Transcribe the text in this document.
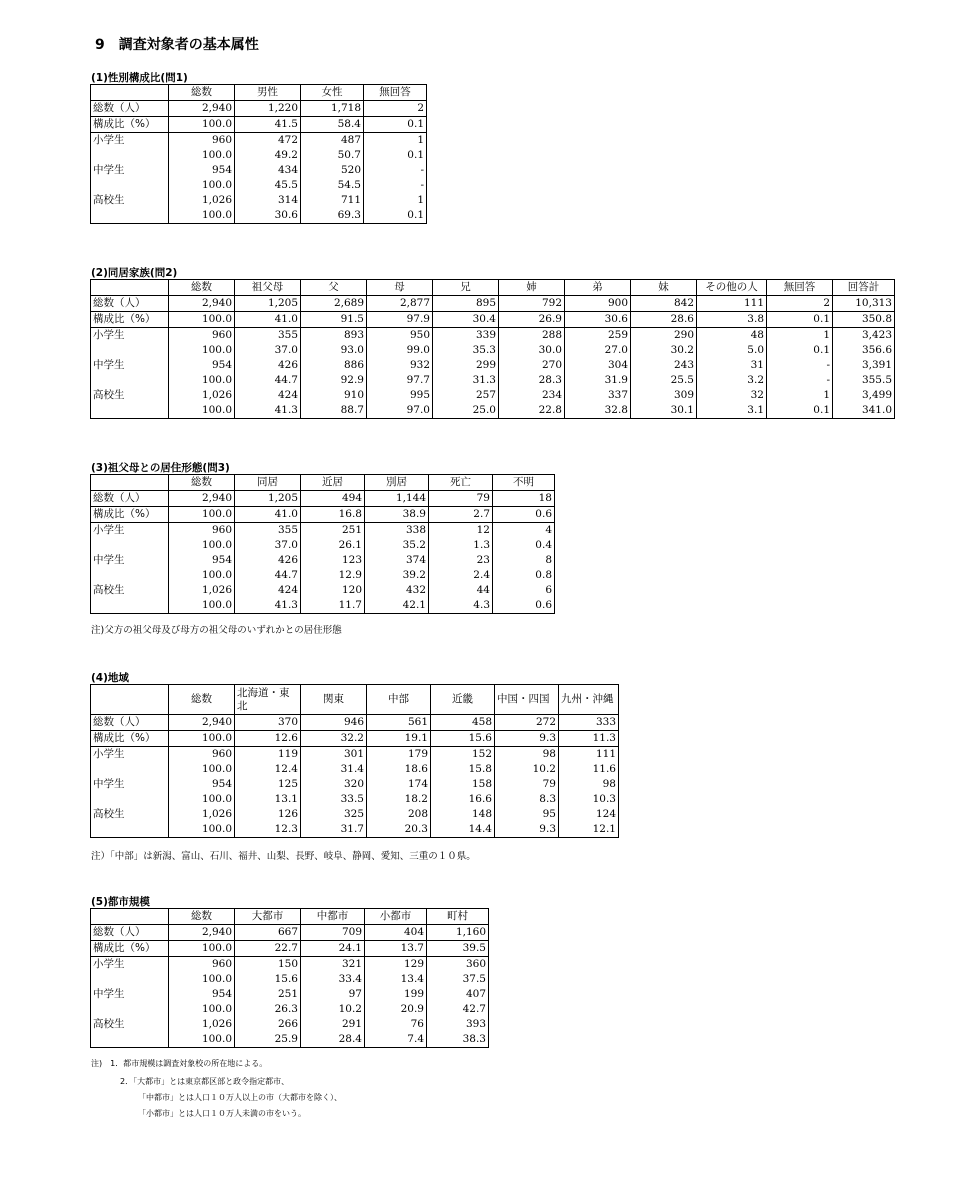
9　調査対象者の基本属性
(1)性別構成比(問1)
	総数	男性	女性	無回答
総数（人）	2,940	1,220	1,718	2
構成比（%）	100.0	41.5	58.4	0.1
小学生	960	472	487	1
	100.0	49.2	50.7	0.1
中学生	954	434	520	-
	100.0	45.5	54.5	-
高校生	1,026	314	711	1
	100.0	30.6	69.3	0.1
(2)同居家族(問2)
	総数	祖父母	父	母	兄	姉	弟	妹	その他の人	無回答	回答計
総数（人）	2,940	1,205	2,689	2,877	895	792	900	842	111	2	10,313
構成比（%）	100.0	41.0	91.5	97.9	30.4	26.9	30.6	28.6	3.8	0.1	350.8
小学生	960	355	893	950	339	288	259	290	48	1	3,423
	100.0	37.0	93.0	99.0	35.3	30.0	27.0	30.2	5.0	0.1	356.6
中学生	954	426	886	932	299	270	304	243	31	-	3,391
	100.0	44.7	92.9	97.7	31.3	28.3	31.9	25.5	3.2	-	355.5
高校生	1,026	424	910	995	257	234	337	309	32	1	3,499
	100.0	41.3	88.7	97.0	25.0	22.8	32.8	30.1	3.1	0.1	341.0
(3)祖父母との居住形態(問3)
	総数	同居	近居	別居	死亡	不明
総数（人）	2,940	1,205	494	1,144	79	18
構成比（%）	100.0	41.0	16.8	38.9	2.7	0.6
小学生	960	355	251	338	12	4
	100.0	37.0	26.1	35.2	1.3	0.4
中学生	954	426	123	374	23	8
	100.0	44.7	12.9	39.2	2.4	0.8
高校生	1,026	424	120	432	44	6
	100.0	41.3	11.7	42.1	4.3	0.6
注)父方の祖父母及び母方の祖父母のいずれかとの居住形態
(4)地域
	総数	北海道・東北	関東	中部	近畿	中国・四国	九州・沖縄
総数（人）	2,940	370	946	561	458	272	333
構成比（%）	100.0	12.6	32.2	19.1	15.6	9.3	11.3
小学生	960	119	301	179	152	98	111
	100.0	12.4	31.4	18.6	15.8	10.2	11.6
中学生	954	125	320	174	158	79	98
	100.0	13.1	33.5	18.2	16.6	8.3	10.3
高校生	1,026	126	325	208	148	95	124
	100.0	12.3	31.7	20.3	14.4	9.3	12.1
注）「中部」は新潟、富山、石川、福井、山梨、長野、岐阜、静岡、愛知、三重の１０県。
(5)都市規模
	総数	大都市	中都市	小都市	町村
総数（人）	2,940	667	709	404	1,160
構成比（%）	100.0	22.7	24.1	13.7	39.5
小学生	960	150	321	129	360
	100.0	15.6	33.4	13.4	37.5
中学生	954	251	97	199	407
	100.0	26.3	10.2	20.9	42.7
高校生	1,026	266	291	76	393
	100.0	25.9	28.4	7.4	38.3
注)　1．都市規模は調査対象校の所在地による。
2．「大都市」とは東京都区部と政令指定都市、
「中都市」とは人口１０万人以上の市（大都市を除く）、
「小都市」とは人口１０万人未満の市をいう。
